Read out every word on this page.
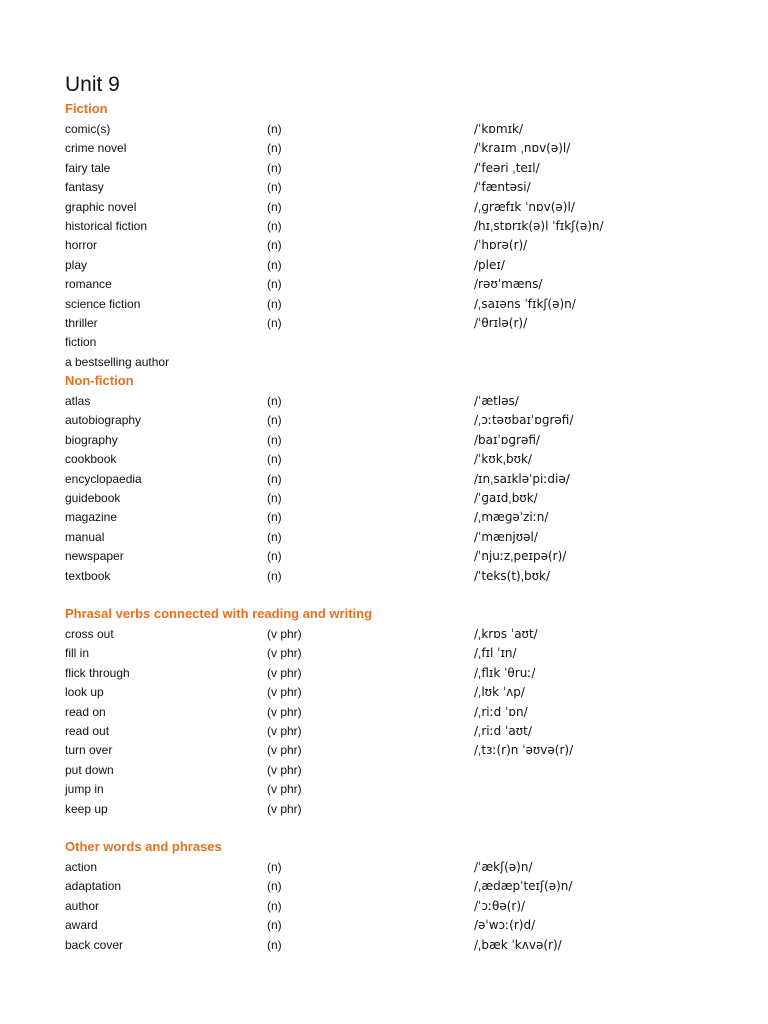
Unit 9
Fiction
comic(s)	(n)	/ˈkɒmɪk/
crime novel	(n)	/ˈkraɪm ˌnɒv(ə)l/
fairy tale	(n)	/ˈfeəri ˌteɪl/
fantasy	(n)	/ˈfæntəsi/
graphic novel	(n)	/ˌɡræfɪk ˈnɒv(ə)l/
historical fiction	(n)	/hɪˌstɒrɪk(ə)l ˈfɪkʃ(ə)n/
horror	(n)	/ˈhɒrə(r)/
play	(n)	/pleɪ/
romance	(n)	/rəʊˈmæns/
science fiction	(n)	/ˌsaɪəns ˈfɪkʃ(ə)n/
thriller	(n)	/ˈθrɪlə(r)/
fiction
a bestselling author
Non-fiction
atlas	(n)	/ˈætləs/
autobiography	(n)	/ˌɔːtəʊbaɪˈɒɡrəfi/
biography	(n)	/baɪˈɒɡrəfi/
cookbook	(n)	/ˈkʊkˌbʊk/
encyclopaedia	(n)	/ɪnˌsaɪkləˈpiːdiə/
guidebook	(n)	/ˈɡaɪdˌbʊk/
magazine	(n)	/ˌmæɡəˈziːn/
manual	(n)	/ˈmænjʊəl/
newspaper	(n)	/ˈnjuːzˌpeɪpə(r)/
textbook	(n)	/ˈteks(t)ˌbʊk/
Phrasal verbs connected with reading and writing
cross out	(v phr)	/ˌkrɒs ˈaʊt/
fill in	(v phr)	/ˌfɪl ˈɪn/
flick through	(v phr)	/ˌflɪk ˈθruː/
look up	(v phr)	/ˌlʊk ˈʌp/
read on	(v phr)	/ˌriːd ˈɒn/
read out	(v phr)	/ˌriːd ˈaʊt/
turn over	(v phr)	/ˌtɜː(r)n ˈəʊvə(r)/
put down	(v phr)
jump in	(v phr)
keep up	(v phr)
Other words and phrases
action	(n)	/ˈækʃ(ə)n/
adaptation	(n)	/ˌædæpˈteɪʃ(ə)n/
author	(n)	/ˈɔːθə(r)/
award	(n)	/əˈwɔː(r)d/
back cover	(n)	/ˌbæk ˈkʌvə(r)/
